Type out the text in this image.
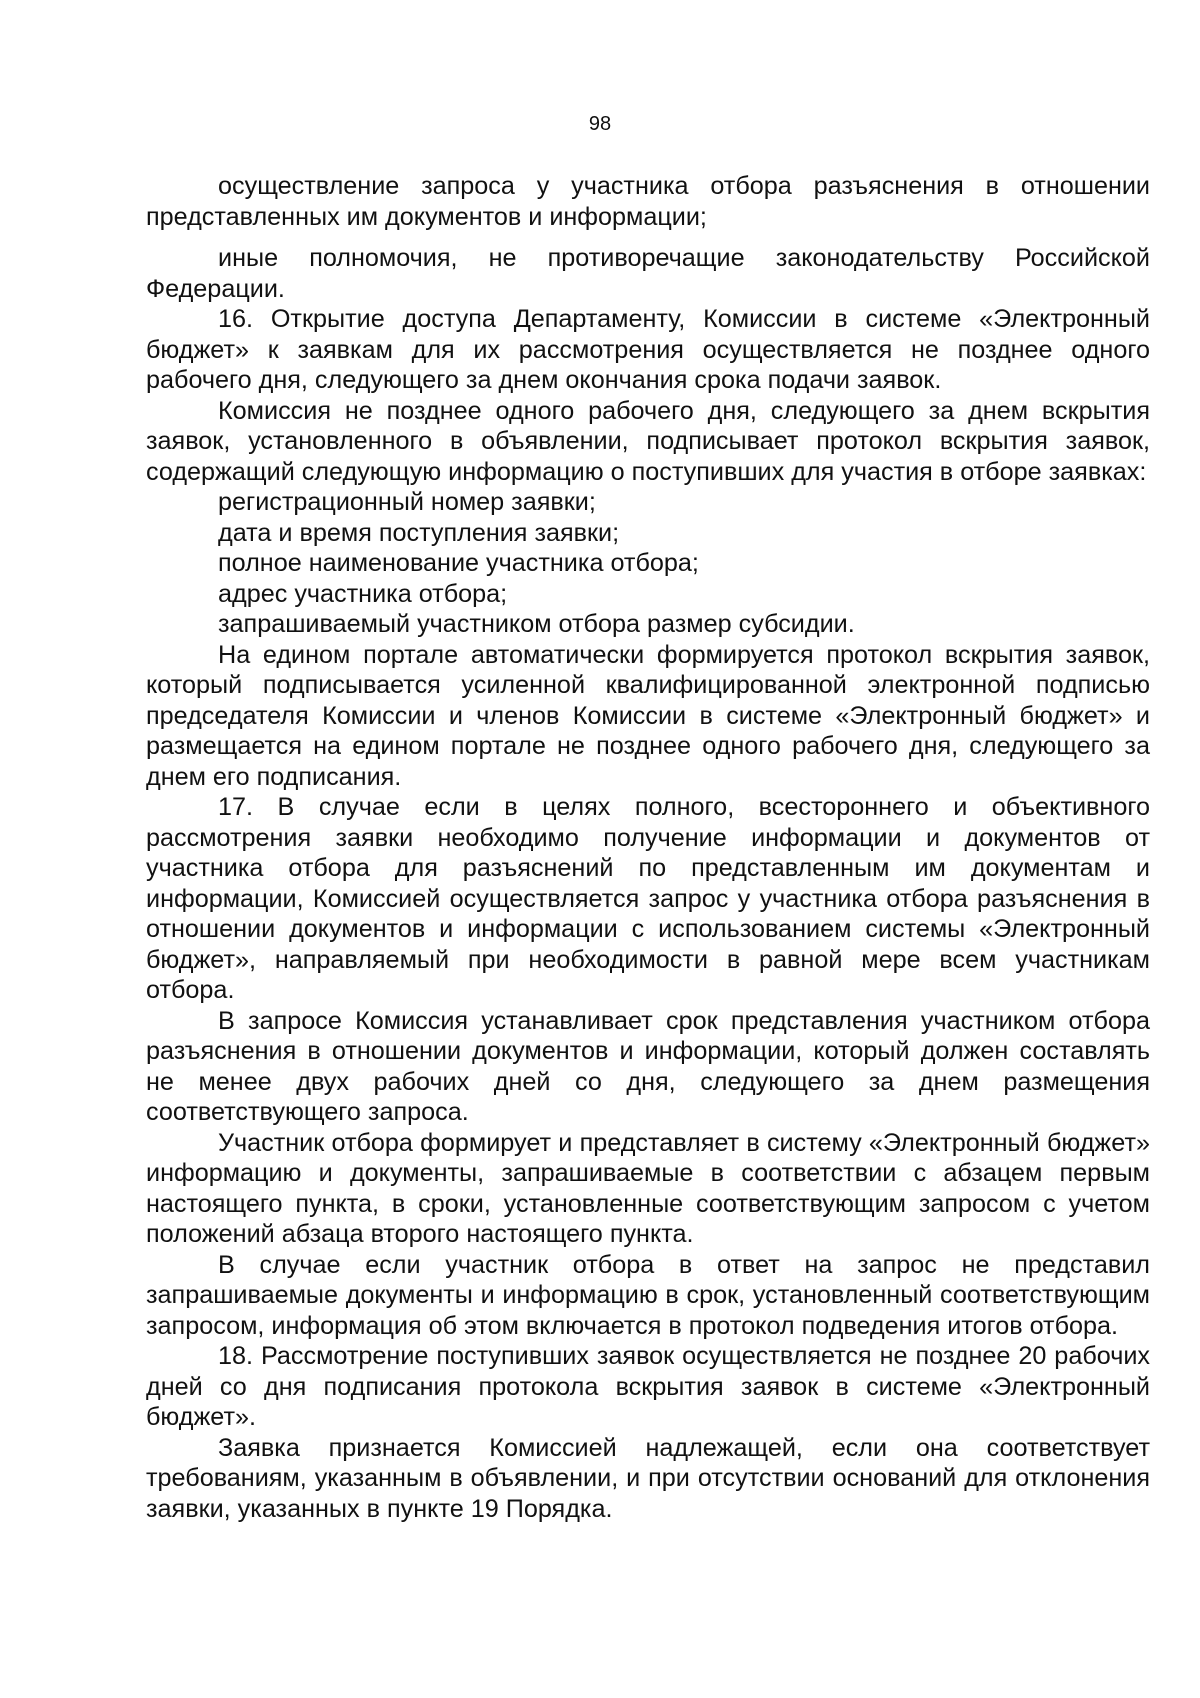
98

осуществление запроса у участника отбора разъяснения в отношении представленных им документов и информации;

иные полномочия, не противоречащие законодательству Российской Федерации.

16. Открытие доступа Департаменту, Комиссии в системе «Электронный бюджет» к заявкам для их рассмотрения осуществляется не позднее одного рабочего дня, следующего за днем окончания срока подачи заявок.

Комиссия не позднее одного рабочего дня, следующего за днем вскрытия заявок, установленного в объявлении, подписывает протокол вскрытия заявок, содержащий следующую информацию о поступивших для участия в отборе заявках:

регистрационный номер заявки;

дата и время поступления заявки;

полное наименование участника отбора;

адрес участника отбора;

запрашиваемый участником отбора размер субсидии.

На едином портале автоматически формируется протокол вскрытия заявок, который подписывается усиленной квалифицированной электронной подписью председателя Комиссии и членов Комиссии в системе «Электронный бюджет» и размещается на едином портале не позднее одного рабочего дня, следующего за днем его подписания.

17. В случае если в целях полного, всестороннего и объективного рассмотрения заявки необходимо получение информации и документов от участника отбора для разъяснений по представленным им документам и информации, Комиссией осуществляется запрос у участника отбора разъяснения в отношении документов и информации с использованием системы «Электронный бюджет», направляемый при необходимости в равной мере всем участникам отбора.

В запросе Комиссия устанавливает срок представления участником отбора разъяснения в отношении документов и информации, который должен составлять не менее двух рабочих дней со дня, следующего за днем размещения соответствующего запроса.

Участник отбора формирует и представляет в систему «Электронный бюджет» информацию и документы, запрашиваемые в соответствии с абзацем первым настоящего пункта, в сроки, установленные соответствующим запросом с учетом положений абзаца второго настоящего пункта.

В случае если участник отбора в ответ на запрос не представил запрашиваемые документы и информацию в срок, установленный соответствующим запросом, информация об этом включается в протокол подведения итогов отбора.

18. Рассмотрение поступивших заявок осуществляется не позднее 20 рабочих дней со дня подписания протокола вскрытия заявок в системе «Электронный бюджет».

Заявка признается Комиссией надлежащей, если она соответствует требованиям, указанным в объявлении, и при отсутствии оснований для отклонения заявки, указанных в пункте 19 Порядка.
